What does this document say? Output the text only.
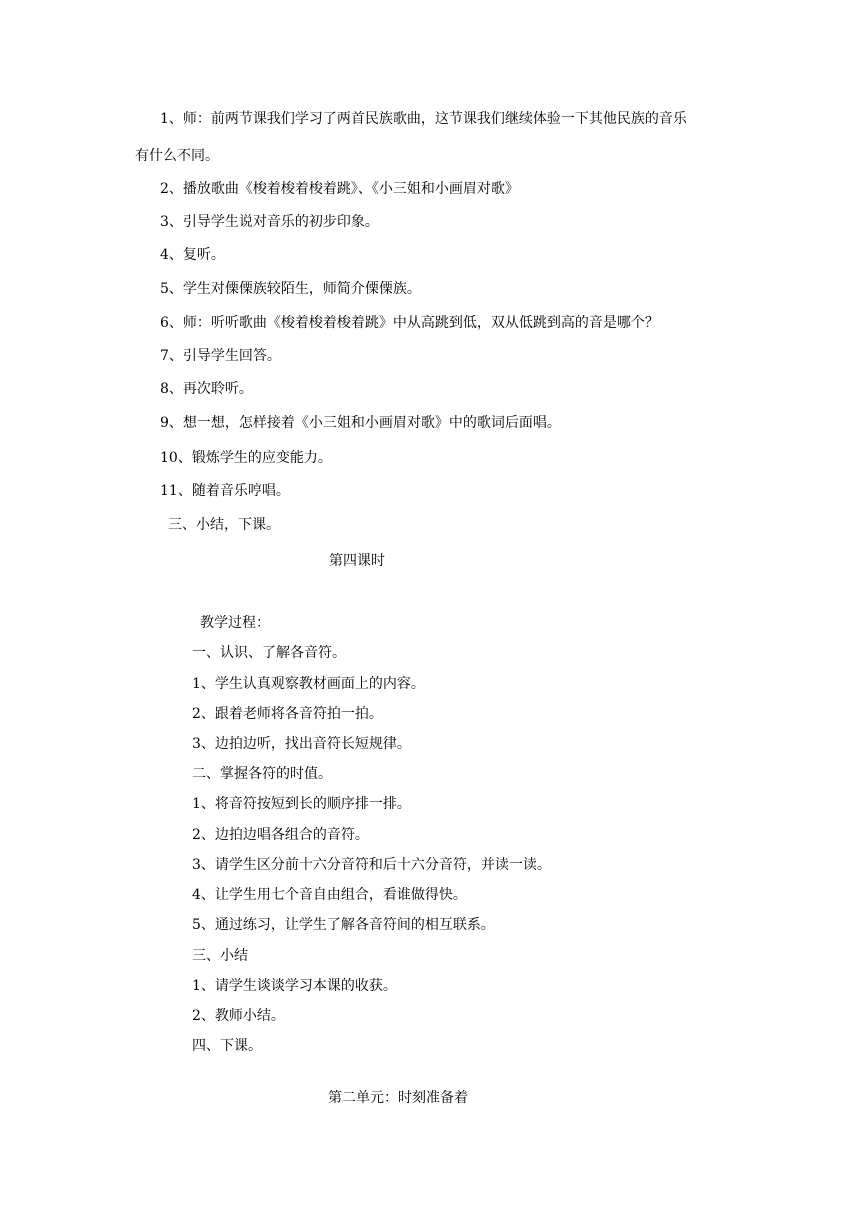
1、师：前两节课我们学习了两首民族歌曲，这节课我们继续体验一下其他民族的音乐
有什么不同。
2、播放歌曲《梭着梭着梭着跳》、《小三姐和小画眉对歌》
3、引导学生说对音乐的初步印象。
4、复听。
5、学生对傈傈族较陌生，师简介傈傈族。
6、师：听听歌曲《梭着梭着梭着跳》中从高跳到低，双从低跳到高的音是哪个？
7、引导学生回答。
8、再次聆听。
9、想一想，怎样接着《小三姐和小画眉对歌》中的歌词后面唱。
10、锻炼学生的应变能力。
11、随着音乐哼唱。
三、小结，下课。
第四课时
教学过程：
一、认识、了解各音符。
1、学生认真观察教材画面上的内容。
2、跟着老师将各音符拍一拍。
3、边拍边听，找出音符长短规律。
二、掌握各符的时值。
1、将音符按短到长的顺序排一排。
2、边拍边唱各组合的音符。
3、请学生区分前十六分音符和后十六分音符，并读一读。
4、让学生用七个音自由组合，看谁做得快。
5、通过练习，让学生了解各音符间的相互联系。
三、小结
1、请学生谈谈学习本课的收获。
2、教师小结。
四、下课。
第二单元：时刻准备着
